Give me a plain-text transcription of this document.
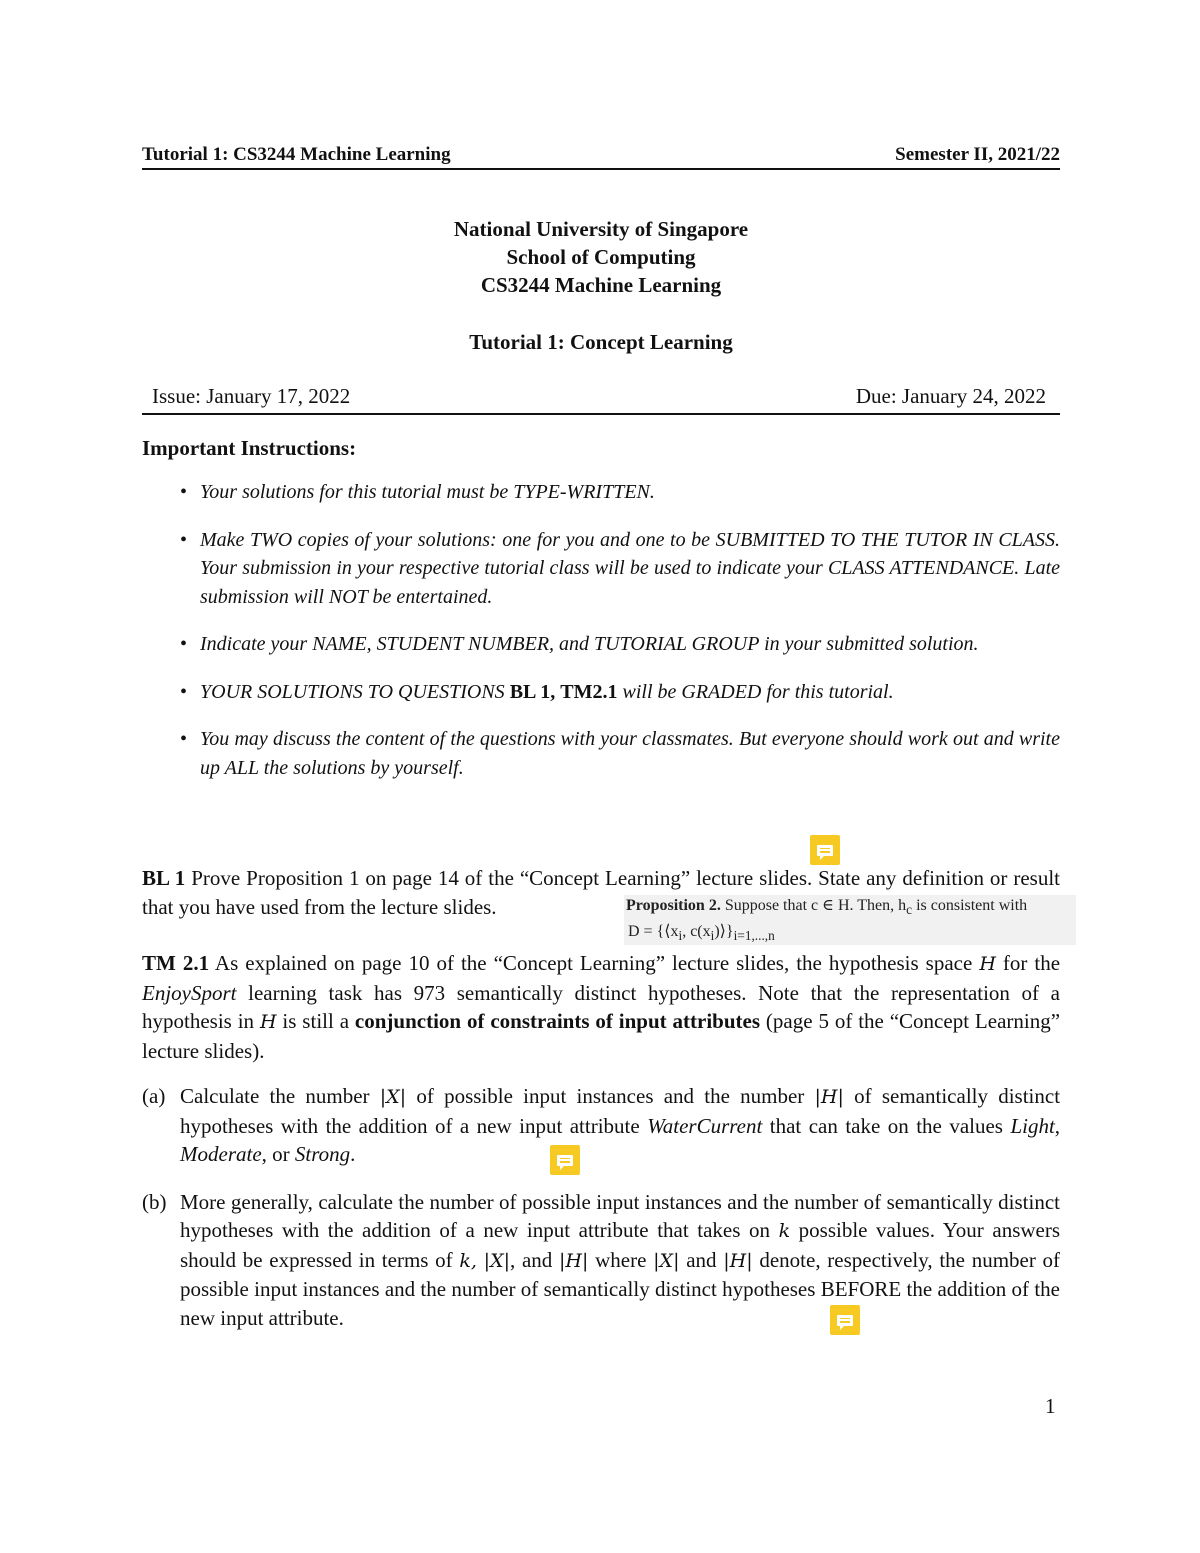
Tutorial 1: CS3244 Machine Learning	Semester II, 2021/22
National University of Singapore
School of Computing
CS3244 Machine Learning
Tutorial 1: Concept Learning
Issue: January 17, 2022	Due: January 24, 2022
Important Instructions:
• Your solutions for this tutorial must be TYPE-WRITTEN.
• Make TWO copies of your solutions: one for you and one to be SUBMITTED TO THE TUTOR IN CLASS. Your submission in your respective tutorial class will be used to indicate your CLASS ATTENDANCE. Late submission will NOT be entertained.
• Indicate your NAME, STUDENT NUMBER, and TUTORIAL GROUP in your submitted solution.
• YOUR SOLUTIONS TO QUESTIONS BL 1, TM2.1 will be GRADED for this tutorial.
• You may discuss the content of the questions with your classmates. But everyone should work out and write up ALL the solutions by yourself.
BL 1 Prove Proposition 1 on page 14 of the “Concept Learning” lecture slides. State any definition or result that you have used from the lecture slides.	Proposition 2. Suppose that c ∈ H. Then, $h_c$ is consistent with
$D = \{⟨x_i$, $c(x_i)⟩\}_{i=1,...,n}$
TM 2.1 As explained on page 10 of the “Concept Learning” lecture slides, the hypothesis space H for the EnjoySport learning task has 973 semantically distinct hypotheses. Note that the representation of a hypothesis in H is still a conjunction of constraints of input attributes (page 5 of the “Concept Learning” lecture slides).
(a) Calculate the number |X| of possible input instances and the number |H| of semantically distinct hypotheses with the addition of a new input attribute WaterCurrent that can take on the values Light, Moderate, or Strong.
(b) More generally, calculate the number of possible input instances and the number of semantically distinct hypotheses with the addition of a new input attribute that takes on k possible values. Your answers should be expressed in terms of k, |X|, and |H| where |X| and |H| denote, respectively, the number of possible input instances and the number of semantically distinct hypotheses BEFORE the addition of the new input attribute.
1
